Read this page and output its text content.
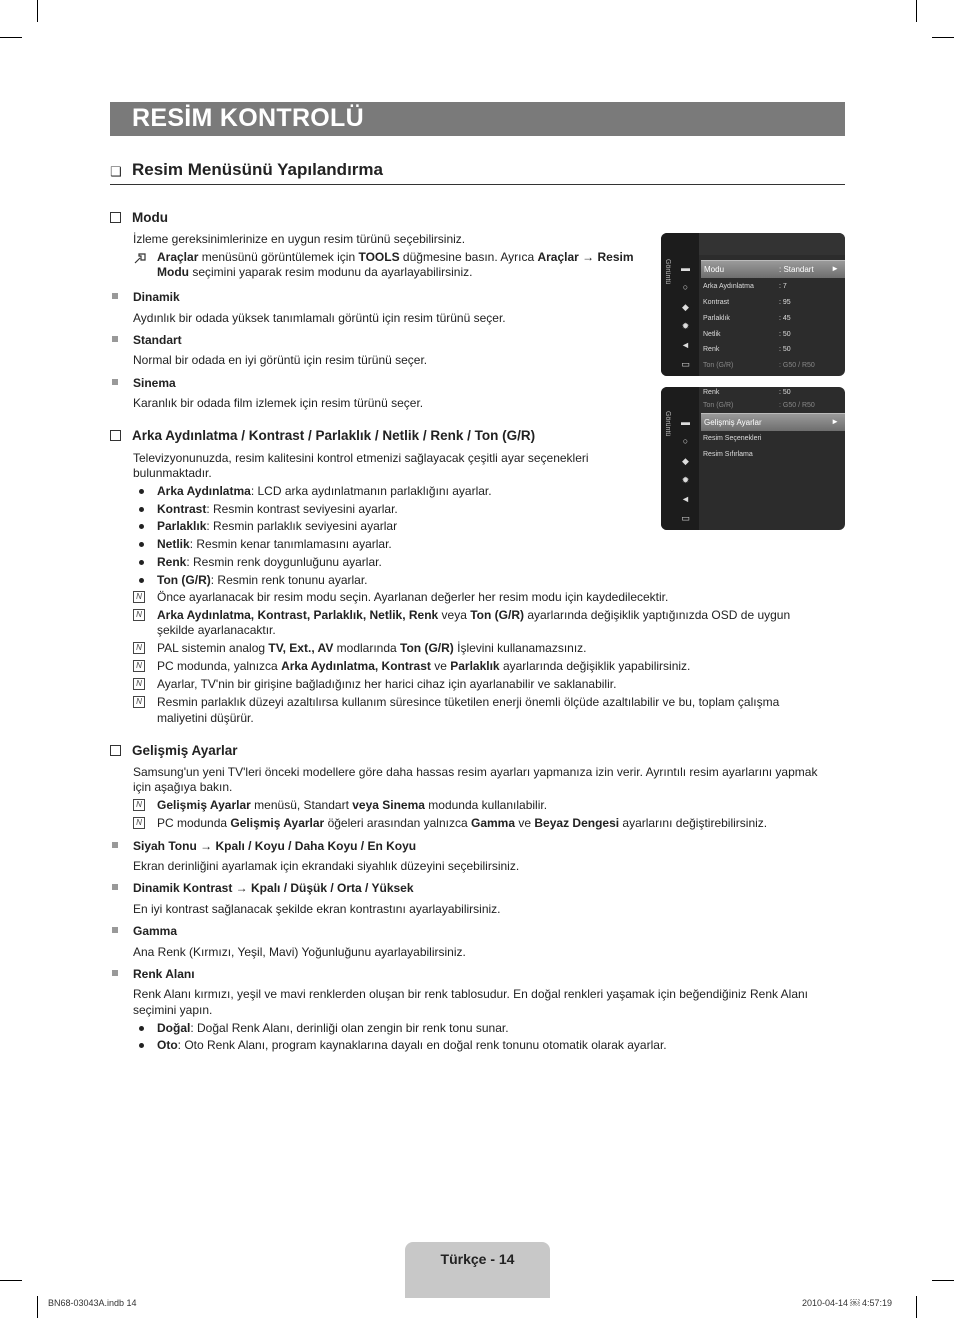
RESİM KONTROLÜ
❑ Resim Menüsünü Yapılandırma
Modu
İzleme gereksinimlerinize en uygun resim türünü seçebilirsiniz.
Araçlar menüsünü görüntülemek için TOOLS düğmesine basın. Ayrıca Araçlar → Resim
Modu seçimini yaparak resim modunu da ayarlayabilirsiniz.
Dinamik
Aydınlık bir odada yüksek tanımlamalı görüntü için resim türünü seçer.
Standart
Normal bir odada en iyi görüntü için resim türünü seçer.
Sinema
Karanlık bir odada film izlemek için resim türünü seçer.
Arka Aydınlatma / Kontrast / Parlaklık / Netlik / Renk / Ton (G/R)
Televizyonunuzda, resim kalitesini kontrol etmenizi sağlayacak çeşitli ayar seçenekleri
bulunmaktadır.
Arka Aydınlatma: LCD arka aydınlatmanın parlaklığını ayarlar.
Kontrast: Resmin kontrast seviyesini ayarlar.
Parlaklık: Resmin parlaklık seviyesini ayarlar
Netlik: Resmin kenar tanımlamasını ayarlar.
Renk: Resmin renk doygunluğunu ayarlar.
Ton (G/R): Resmin renk tonunu ayarlar.
N Önce ayarlanacak bir resim modu seçin. Ayarlanan değerler her resim modu için kaydedilecektir.
N Arka Aydınlatma, Kontrast, Parlaklık, Netlik, Renk veya Ton (G/R) ayarlarında değişiklik yaptığınızda OSD de uygun
şekilde ayarlanacaktır.
N PAL sistemin analog TV, Ext., AV modlarında Ton (G/R) İşlevini kullanamazsınız.
N PC modunda, yalnızca Arka Aydınlatma, Kontrast ve Parlaklık ayarlarında değişiklik yapabilirsiniz.
N Ayarlar, TV'nin bir girişine bağladığınız her harici cihaz için ayarlanabilir ve saklanabilir.
N Resmin parlaklık düzeyi azaltılırsa kullanım süresince tüketilen enerji önemli ölçüde azaltılabilir ve bu, toplam çalışma
maliyetini düşürür.
Gelişmiş Ayarlar
Samsung'un yeni TV'leri önceki modellere göre daha hassas resim ayarları yapmanıza izin verir. Ayrıntılı resim ayarlarını yapmak
için aşağıya bakın.
N Gelişmiş Ayarlar menüsü, Standart veya Sinema modunda kullanılabilir.
N PC modunda Gelişmiş Ayarlar öğeleri arasından yalnızca Gamma ve Beyaz Dengesi ayarlarını değiştirebilirsiniz.
Siyah Tonu → Kpalı / Koyu / Daha Koyu / En Koyu
Ekran derinliğini ayarlamak için ekrandaki siyahlık düzeyini seçebilirsiniz.
Dinamik Kontrast → Kpalı / Düşük / Orta / Yüksek
En iyi kontrast sağlanacak şekilde ekran kontrastını ayarlayabilirsiniz.
Gamma
Ana Renk (Kırmızı, Yeşil, Mavi) Yoğunluğunu ayarlayabilirsiniz.
Renk Alanı
Renk Alanı kırmızı, yeşil ve mavi renklerden oluşan bir renk tablosudur. En doğal renkleri yaşamak için beğendiğiniz Renk Alanı
seçimini yapın.
Doğal: Doğal Renk Alanı, derinliği olan zengin bir renk tonu sunar.
Oto: Oto Renk Alanı, program kaynaklarına dayalı en doğal renk tonunu otomatik olarak ayarlar.
Görüntü ▬
○
◆
✹
◄
▭
Modu	: Standart ►
Arka Aydınlatma	: 7
Kontrast	: 95
Parlaklık	: 45
Netlik	: 50
Renk	: 50
Ton (G/R)	: G50 / R50
Görüntü ▬
○
◆
✹
◄
▭
Renk	: 50
Ton (G/R)	: G50 / R50
Gelişmiş Ayarlar	►
Resim Seçenekleri
Resim Sıfırlama
Türkçe - 14
BN68-03043A.indb 14	2010-04-14 ￼ 4:57:19
